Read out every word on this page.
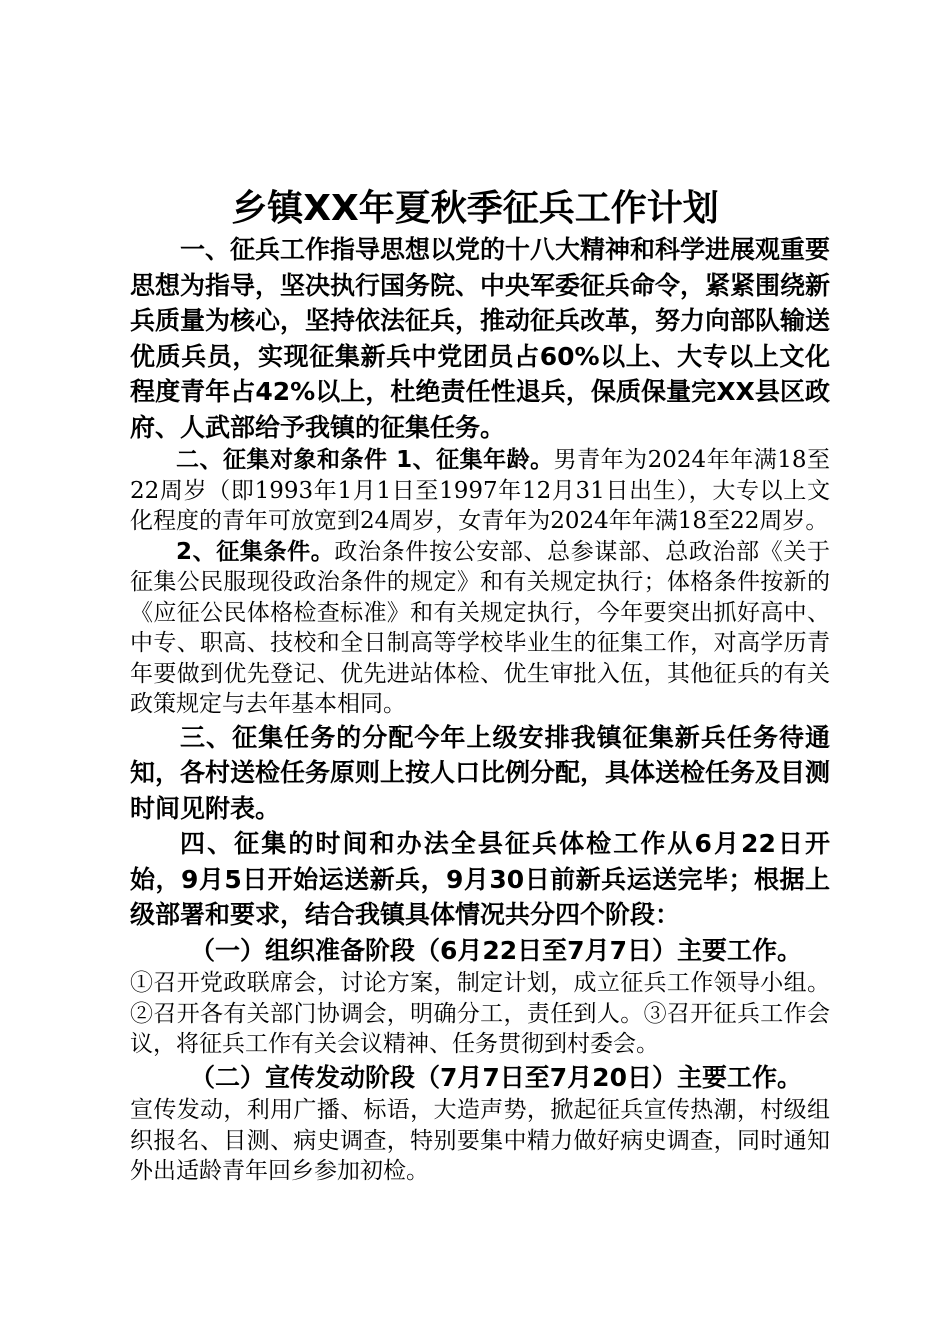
乡镇XX年夏秋季征兵工作计划

一、征兵工作指导思想以党的十八大精神和科学进展观重要思想为指导，坚决执行国务院、中央军委征兵命令，紧紧围绕新兵质量为核心，坚持依法征兵，推动征兵改革，努力向部队输送优质兵员，实现征集新兵中党团员占60%以上、大专以上文化程度青年占42%以上，杜绝责任性退兵，保质保量完XX县区政府、人武部给予我镇的征集任务。

二、征集对象和条件 1、征集年龄。男青年为2024年年满18至22周岁（即1993年1月1日至1997年12月31日出生），大专以上文化程度的青年可放宽到24周岁，女青年为2024年年满18至22周岁。

2、征集条件。政治条件按公安部、总参谋部、总政治部《关于征集公民服现役政治条件的规定》和有关规定执行；体格条件按新的《应征公民体格检查标准》和有关规定执行，今年要突出抓好高中、中专、职高、技校和全日制高等学校毕业生的征集工作，对高学历青年要做到优先登记、优先进站体检、优生审批入伍，其他征兵的有关政策规定与去年基本相同。

三、征集任务的分配今年上级安排我镇征集新兵任务待通知，各村送检任务原则上按人口比例分配，具体送检任务及目测时间见附表。

四、征集的时间和办法全县征兵体检工作从6月22日开始，9月5日开始运送新兵，9月30日前新兵运送完毕；根据上级部署和要求，结合我镇具体情况共分四个阶段：

（一）组织准备阶段（6月22日至7月7日）主要工作。

①召开党政联席会，讨论方案，制定计划，成立征兵工作领导小组。②召开各有关部门协调会，明确分工，责任到人。③召开征兵工作会议，将征兵工作有关会议精神、任务贯彻到村委会。

（二）宣传发动阶段（7月7日至7月20日）主要工作。

宣传发动，利用广播、标语，大造声势，掀起征兵宣传热潮，村级组织报名、目测、病史调查，特别要集中精力做好病史调查，同时通知外出适龄青年回乡参加初检。
